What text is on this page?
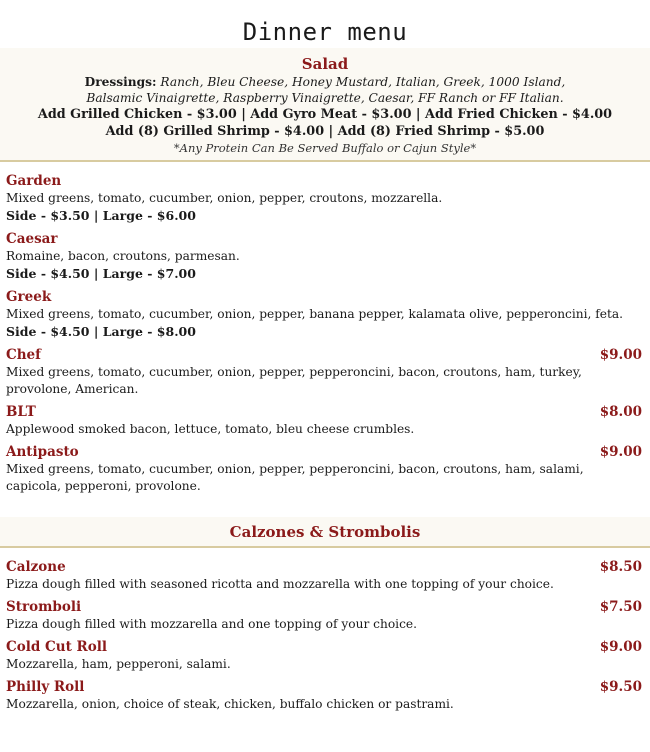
Dinner menu
Salad
Dressings: Ranch, Bleu Cheese, Honey Mustard, Italian, Greek, 1000 Island,
Balsamic Vinaigrette, Raspberry Vinaigrette, Caesar, FF Ranch or FF Italian.
Add Grilled Chicken - $3.00 | Add Gyro Meat - $3.00 | Add Fried Chicken - $4.00
Add (8) Grilled Shrimp - $4.00 | Add (8) Fried Shrimp - $5.00
*Any Protein Can Be Served Buffalo or Cajun Style*
Garden
Mixed greens, tomato, cucumber, onion, pepper, croutons, mozzarella.
Side - $3.50 | Large - $6.00
Caesar
Romaine, bacon, croutons, parmesan.
Side - $4.50 | Large - $7.00
Greek
Mixed greens, tomato, cucumber, onion, pepper, banana pepper, kalamata olive, pepperoncini, feta.
Side - $4.50 | Large - $8.00
Chef	$9.00
Mixed greens, tomato, cucumber, onion, pepper, pepperoncini, bacon, croutons, ham, turkey, provolone, American.
BLT	$8.00
Applewood smoked bacon, lettuce, tomato, bleu cheese crumbles.
Antipasto	$9.00
Mixed greens, tomato, cucumber, onion, pepper, pepperoncini, bacon, croutons, ham, salami, capicola, pepperoni, provolone.
Calzones & Strombolis
Calzone	$8.50
Pizza dough filled with seasoned ricotta and mozzarella with one topping of your choice.
Stromboli	$7.50
Pizza dough filled with mozzarella and one topping of your choice.
Cold Cut Roll	$9.00
Mozzarella, ham, pepperoni, salami.
Philly Roll	$9.50
Mozzarella, onion, choice of steak, chicken, buffalo chicken or pastrami.
